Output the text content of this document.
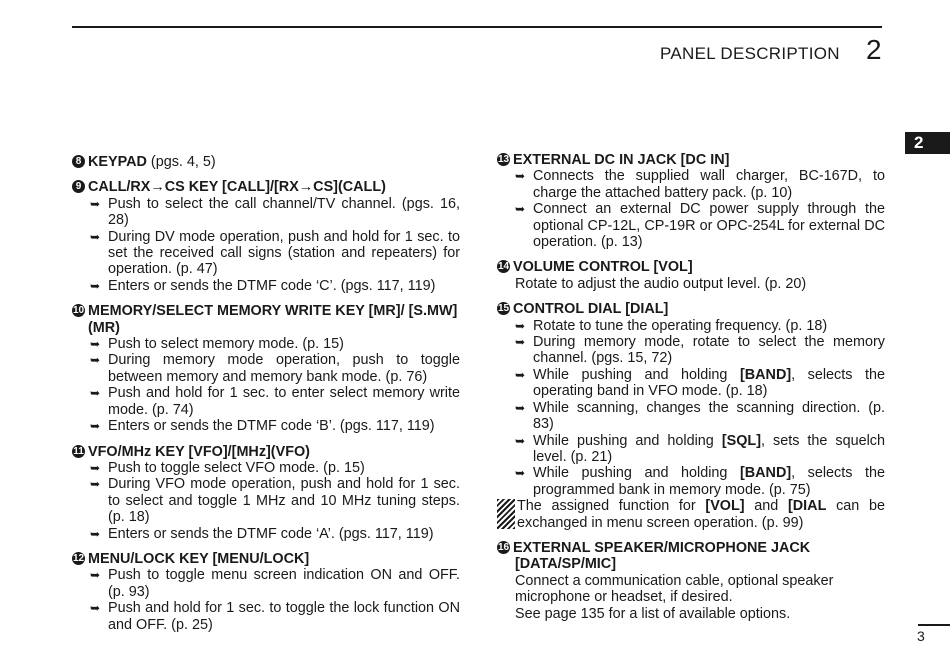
PANEL DESCRIPTION 2
2
8 KEYPAD (pgs. 4, 5)
9 CALL/RX→CS KEY [CALL]/[RX→CS](CALL)
➥ Push to select the call channel/TV channel. (pgs. 16, 28)
➥ During DV mode operation, push and hold for 1 sec. to set the received call signs (station and repeaters) for operation. (p. 47)
➥ Enters or sends the DTMF code ‘C’. (pgs. 117, 119)
10 MEMORY/SELECT MEMORY WRITE KEY [MR]/ [S.MW](MR)
➥ Push to select memory mode. (p. 15)
➥ During memory mode operation, push to toggle between memory and memory bank mode. (p. 76)
➥ Push and hold for 1 sec. to enter select memory write mode. (p. 74)
➥ Enters or sends the DTMF code ‘B’. (pgs. 117, 119)
11 VFO/MHz KEY [VFO]/[MHz](VFO)
➥ Push to toggle select VFO mode. (p. 15)
➥ During VFO mode operation, push and hold for 1 sec. to select and toggle 1 MHz and 10 MHz tuning steps. (p. 18)
➥ Enters or sends the DTMF code ‘A’. (pgs. 117, 119)
12 MENU/LOCK KEY [MENU/LOCK]
➥ Push to toggle menu screen indication ON and OFF. (p. 93)
➥ Push and hold for 1 sec. to toggle the lock function ON and OFF. (p. 25)
13 EXTERNAL DC IN JACK [DC IN]
➥ Connects the supplied wall charger, BC-167D, to charge the attached battery pack. (p. 10)
➥ Connect an external DC power supply through the optional CP-12L, CP-19R or OPC-254L for external DC operation. (p. 13)
14 VOLUME CONTROL [VOL]
Rotate to adjust the audio output level. (p. 20)
15 CONTROL DIAL [DIAL]
➥ Rotate to tune the operating frequency. (p. 18)
➥ During memory mode, rotate to select the memory channel. (pgs. 15, 72)
➥ While pushing and holding [BAND], selects the operating band in VFO mode. (p. 18)
➥ While scanning, changes the scanning direction. (p. 83)
➥ While pushing and holding [SQL], sets the squelch level. (p. 21)
➥ While pushing and holding [BAND], selects the programmed bank in memory mode. (p. 75)
The assigned function for [VOL] and [DIAL can be exchanged in menu screen operation. (p. 99)
16 EXTERNAL SPEAKER/MICROPHONE JACK
[DATA/SP/MIC]
Connect a communication cable, optional speaker microphone or headset, if desired.
See page 135 for a list of available options.
3
